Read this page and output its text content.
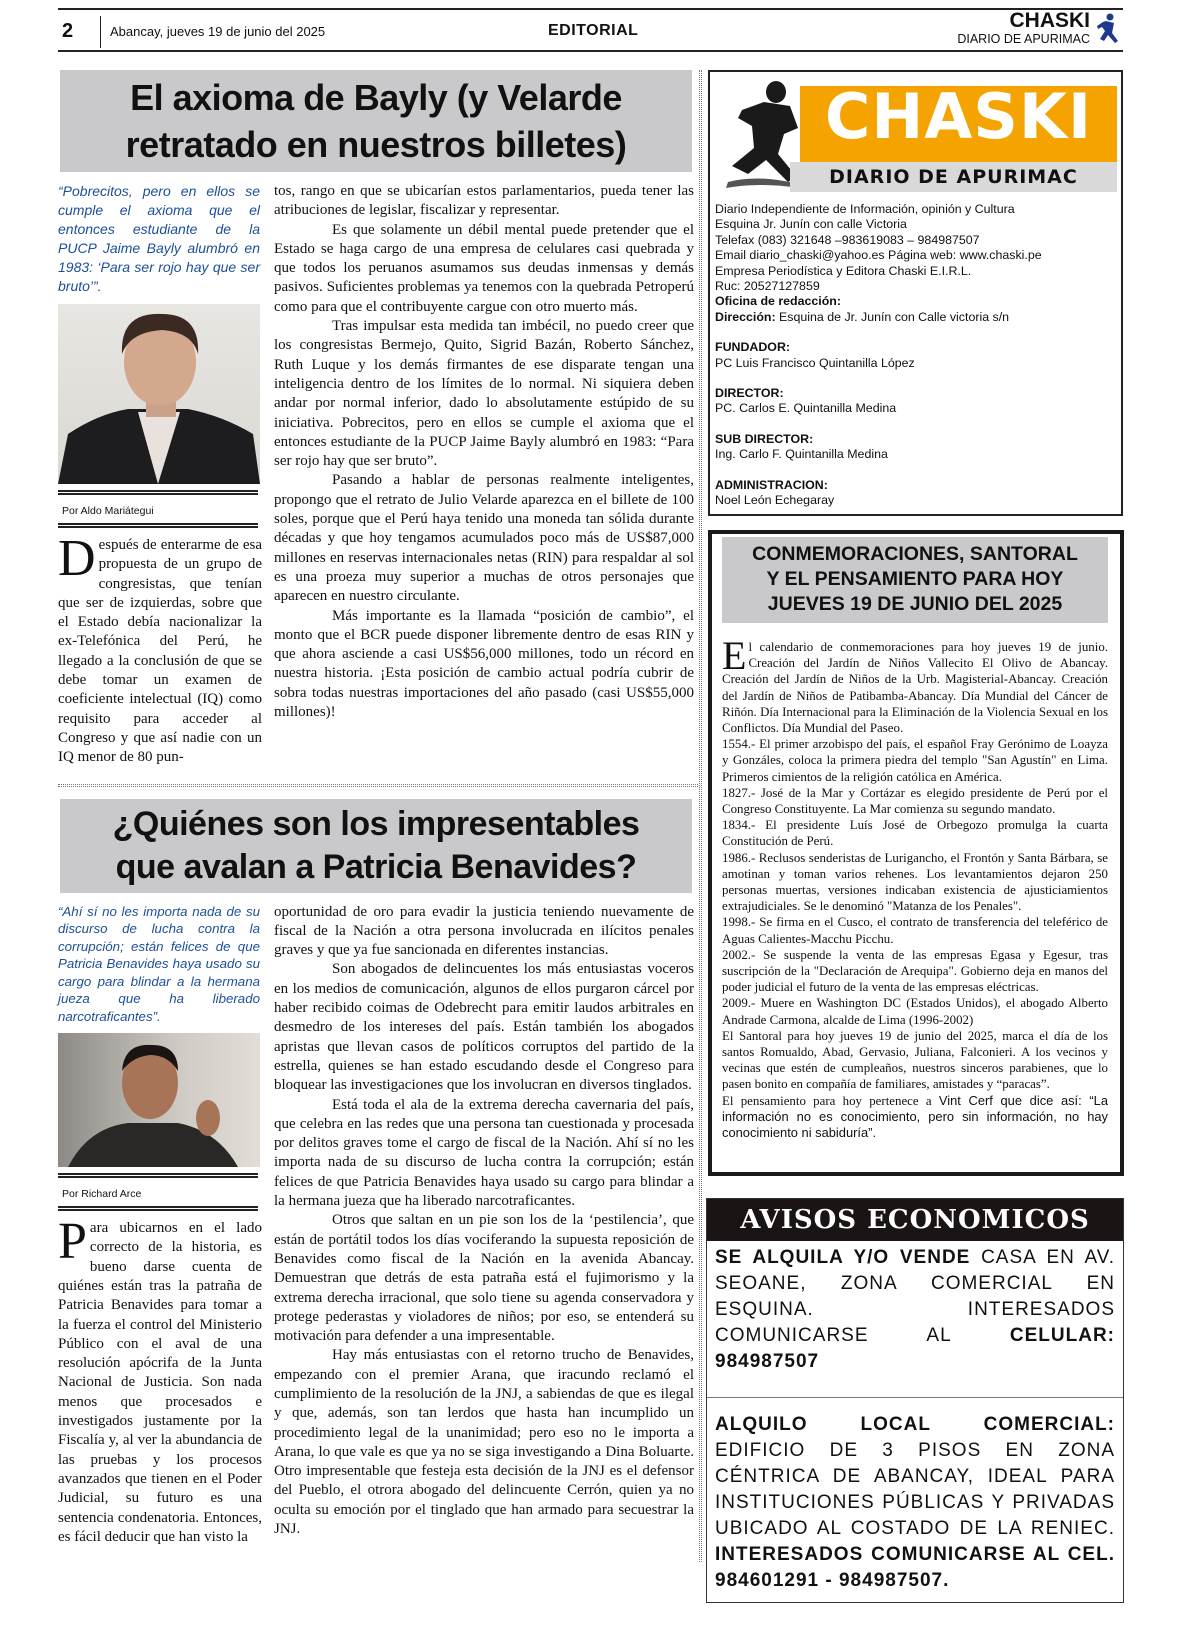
2	Abancay, jueves 19 de junio del 2025	EDITORIAL	CHASKI
DIARIO DE APURIMAC
El axioma de Bayly (y Velarde
retratado en nuestros billetes)
“Pobrecitos, pero en ellos se cumple el axioma que el entonces estudiante de la PUCP Jaime Bayly alumbró en 1983: ‘Para ser rojo hay que ser bruto’”.
Por Aldo Mariátegui

Después de enterarme de esa propuesta de un grupo de congresistas, que tenían que ser de izquierdas, sobre que el Estado debía nacionalizar la ex-Telefónica del Perú, he llegado a la conclusión de que se debe tomar un examen de coeficiente intelectual (IQ) como requisito para acceder al Congreso y que así nadie con un IQ menor de 80 pun-

tos, rango en que se ubicarían estos parlamentarios, pueda tener las atribuciones de legislar, fiscalizar y representar.

Es que solamente un débil mental puede pretender que el Estado se haga cargo de una empresa de celulares casi quebrada y que todos los peruanos asumamos sus deudas inmensas y demás pasivos. Suficientes problemas ya tenemos con la quebrada Petroperú como para que el contribuyente cargue con otro muerto más.

Tras impulsar esta medida tan imbécil, no puedo creer que los congresistas Bermejo, Quito, Sigrid Bazán, Roberto Sánchez, Ruth Luque y los demás firmantes de ese disparate tengan una inteligencia dentro de los límites de lo normal. Ni siquiera deben andar por normal inferior, dado lo absolutamente estúpido de su iniciativa. Pobrecitos, pero en ellos se cumple el axioma que el entonces estudiante de la PUCP Jaime Bayly alumbró en 1983: “Para ser rojo hay que ser bruto”.

Pasando a hablar de personas realmente inteligentes, propongo que el retrato de Julio Velarde aparezca en el billete de 100 soles, porque que el Perú haya tenido una moneda tan sólida durante décadas y que hoy tengamos acumulados poco más de US$87,000 millones en reservas internacionales netas (RIN) para respaldar al sol es una proeza muy superior a muchas de otros personajes que aparecen en nuestro circulante.

Más importante es la llamada “posición de cambio”, el monto que el BCR puede disponer libremente dentro de esas RIN y que ahora asciende a casi US$56,000 millones, todo un récord en nuestra historia. ¡Esta posición de cambio actual podría cubrir de sobra todas nuestras importaciones del año pasado (casi US$55,000 millones)!

¿Quiénes son los impresentables
que avalan a Patricia Benavides?
“Ahí sí no les importa nada de su discurso de lucha contra la corrupción; están felices de que Patricia Benavides haya usado su cargo para blindar a la hermana jueza que ha liberado narcotraficantes”.
Por Richard Arce

Para ubicarnos en el lado correcto de la historia, es bueno darse cuenta de quiénes están tras la patraña de Patricia Benavides para tomar a la fuerza el control del Ministerio Público con el aval de una resolución apócrifa de la Junta Nacional de Justicia. Son nada menos que procesados e investigados justamente por la Fiscalía y, al ver la abundancia de las pruebas y los procesos avanzados que tienen en el Poder Judicial, su futuro es una sentencia condenatoria. Entonces, es fácil deducir que han visto la

oportunidad de oro para evadir la justicia teniendo nuevamente de fiscal de la Nación a otra persona involucrada en ilícitos penales graves y que ya fue sancionada en diferentes instancias.

Son abogados de delincuentes los más entusiastas voceros en los medios de comunicación, algunos de ellos purgaron cárcel por haber recibido coimas de Odebrecht para emitir laudos arbitrales en desmedro de los intereses del país. Están también los abogados apristas que llevan casos de políticos corruptos del partido de la estrella, quienes se han estado escudando desde el Congreso para bloquear las investigaciones que los involucran en diversos tinglados.

Está toda el ala de la extrema derecha cavernaria del país, que celebra en las redes que una persona tan cuestionada y procesada por delitos graves tome el cargo de fiscal de la Nación. Ahí sí no les importa nada de su discurso de lucha contra la corrupción; están felices de que Patricia Benavides haya usado su cargo para blindar a la hermana jueza que ha liberado narcotraficantes.

Otros que saltan en un pie son los de la ‘pestilencia’, que están de portátil todos los días vociferando la supuesta reposición de Benavides como fiscal de la Nación en la avenida Abancay. Demuestran que detrás de esta patraña está el fujimorismo y la extrema derecha irracional, que solo tiene su agenda conservadora y protege pederastas y violadores de niños; por eso, se entenderá su motivación para defender a una impresentable.

Hay más entusiastas con el retorno trucho de Benavides, empezando con el premier Arana, que iracundo reclamó el cumplimiento de la resolución de la JNJ, a sabiendas de que es ilegal y que, además, son tan lerdos que hasta han incumplido un procedimiento legal de la unanimidad; pero eso no le importa a Arana, lo que vale es que ya no se siga investigando a Dina Boluarte. Otro impresentable que festeja esta decisión de la JNJ es el defensor del Pueblo, el otrora abogado del delincuente Cerrón, quien ya no oculta su emoción por el tinglado que han armado para secuestrar la JNJ.

CHASKI
DIARIO DE APURIMAC
Diario Independiente de Información, opinión y Cultura
Esquina Jr. Junín con calle Victoria
Telefax (083) 321648 –983619083 – 984987507
Email diario_chaski@yahoo.es Página web: www.chaski.pe
Empresa Periodística y Editora Chaski E.I.R.L.
Ruc: 20527127859
Oficina de redacción:
Dirección: Esquina de Jr. Junín con Calle victoria s/n
FUNDADOR:
PC Luis Francisco Quintanilla López
DIRECTOR:
PC. Carlos E. Quintanilla Medina
SUB DIRECTOR:
Ing. Carlo F. Quintanilla Medina
ADMINISTRACION:
Noel León Echegaray
CONMEMORACIONES, SANTORAL
Y EL PENSAMIENTO PARA HOY
JUEVES 19 DE JUNIO DEL 2025

El calendario de conmemoraciones para hoy jueves 19 de junio. Creación del Jardín de Niños Vallecito El Olivo de Abancay. Creación del Jardín de Niños de la Urb. Magisterial-Abancay. Creación del Jardín de Niños de Patibamba-Abancay. Día Mundial del Cáncer de Riñón. Día Internacional para la Eliminación de la Violencia Sexual en los Conflictos. Día Mundial del Paseo.

1554.- El primer arzobispo del país, el español Fray Gerónimo de Loayza y Gonzáles, coloca la primera piedra del templo "San Agustín" en Lima. Primeros cimientos de la religión católica en América.

1827.- José de la Mar y Cortázar es elegido presidente de Perú por el Congreso Constituyente. La Mar comienza su segundo mandato.

1834.- El presidente Luís José de Orbegozo promulga la cuarta Constitución de Perú.

1986.- Reclusos senderistas de Lurigancho, el Frontón y Santa Bárbara, se amotinan y toman varios rehenes. Los levantamientos dejaron 250 personas muertas, versiones indicaban existencia de ajusticiamientos extrajudiciales. Se le denominó "Matanza de los Penales".

1998.- Se firma en el Cusco, el contrato de transferencia del teleférico de Aguas Calientes-Macchu Picchu.

2002.- Se suspende la venta de las empresas Egasa y Egesur, tras suscripción de la "Declaración de Arequipa". Gobierno deja en manos del poder judicial el futuro de la venta de las empresas eléctricas.

2009.- Muere en Washington DC (Estados Unidos), el abogado Alberto Andrade Carmona, alcalde de Lima (1996-2002)

El Santoral para hoy jueves 19 de junio del 2025, marca el día de los santos Romualdo, Abad, Gervasio, Juliana, Falconieri. A los vecinos y vecinas que estén de cumpleaños, nuestros sinceros parabienes, que lo pasen bonito en compañía de familiares, amistades y “paracas”.

El pensamiento para hoy pertenece a Vint Cerf que dice así: “La información no es conocimiento, pero sin información, no hay conocimiento ni sabiduría”.

AVISOS ECONOMICOS
SE ALQUILA Y/O VENDE CASA EN AV. SEOANE, ZONA COMERCIAL EN ESQUINA. INTERESADOS COMUNICARSE AL CELULAR: 984987507
ALQUILO LOCAL COMERCIAL: EDIFICIO DE 3 PISOS EN ZONA CÉNTRICA DE ABANCAY, IDEAL PARA INSTITUCIONES PÚBLICAS Y PRIVADAS UBICADO AL COSTADO DE LA RENIEC. INTERESADOS COMUNICARSE AL CEL. 984601291 - 984987507.
